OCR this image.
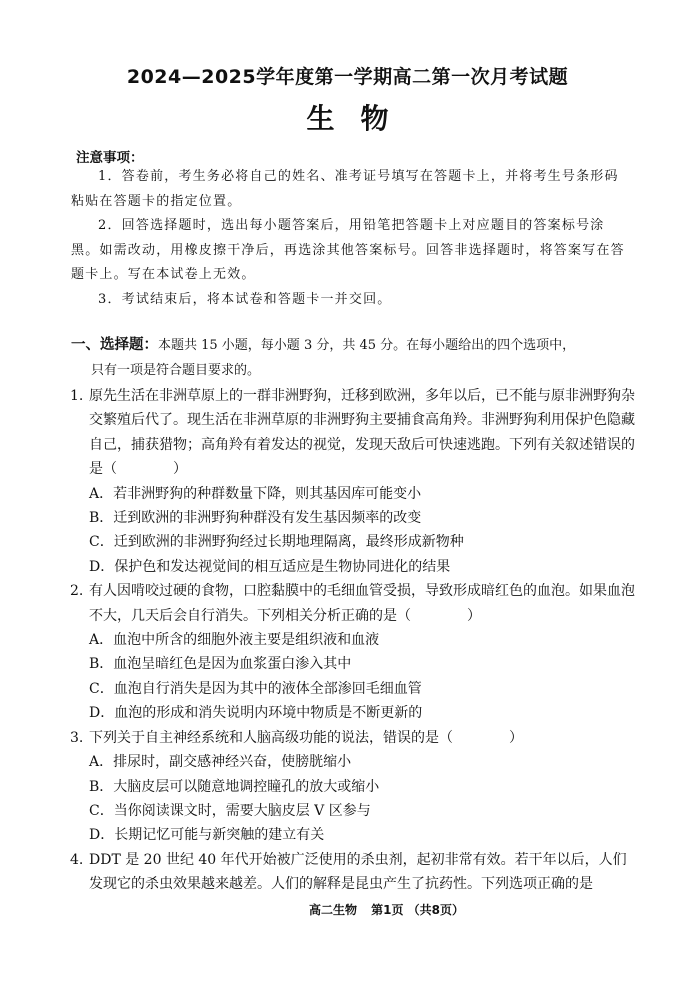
2024—2025学年度第一学期高二第一次月考试题
生物
注意事项：

1．答卷前，考生务必将自己的姓名、准考证号填写在答题卡上，并将考生号条形码粘贴在答题卡的指定位置。

2．回答选择题时，选出每小题答案后，用铅笔把答题卡上对应题目的答案标号涂黑。如需改动，用橡皮擦干净后，再选涂其他答案标号。回答非选择题时，将答案写在答题卡上。写在本试卷上无效。

3．考试结束后，将本试卷和答题卡一并交回。

一、选择题：本题共 15 小题，每小题 3 分，共 45 分。在每小题给出的四个选项中，

只有一项是符合题目要求的。

1. 原先生活在非洲草原上的一群非洲野狗，迁移到欧洲，多年以后，已不能与原非洲野狗杂交繁殖后代了。现生活在非洲草原的非洲野狗主要捕食高角羚。非洲野狗利用保护色隐藏自己，捕获猎物；高角羚有着发达的视觉，发现天敌后可快速逃跑。下列有关叙述错误的是（　　　　）

A．若非洲野狗的种群数量下降，则其基因库可能变小

B．迁到欧洲的非洲野狗种群没有发生基因频率的改变

C．迁到欧洲的非洲野狗经过长期地理隔离，最终形成新物种

D．保护色和发达视觉间的相互适应是生物协同进化的结果

2. 有人因啃咬过硬的食物，口腔黏膜中的毛细血管受损，导致形成暗红色的血泡。如果血泡不大，几天后会自行消失。下列相关分析正确的是（　　　　）

A．血泡中所含的细胞外液主要是组织液和血液

B．血泡呈暗红色是因为血浆蛋白渗入其中

C．血泡自行消失是因为其中的液体全部渗回毛细血管

D．血泡的形成和消失说明内环境中物质是不断更新的

3. 下列关于自主神经系统和人脑高级功能的说法，错误的是（　　　　）

A．排尿时，副交感神经兴奋，使膀胱缩小

B．大脑皮层可以随意地调控瞳孔的放大或缩小

C．当你阅读课文时，需要大脑皮层 V 区参与

D．长期记忆可能与新突触的建立有关

4. DDT 是 20 世纪 40 年代开始被广泛使用的杀虫剂，起初非常有效。若干年以后，人们发现它的杀虫效果越来越差。人们的解释是昆虫产生了抗药性。下列选项正确的是

高二生物 第1页 （共8页）
